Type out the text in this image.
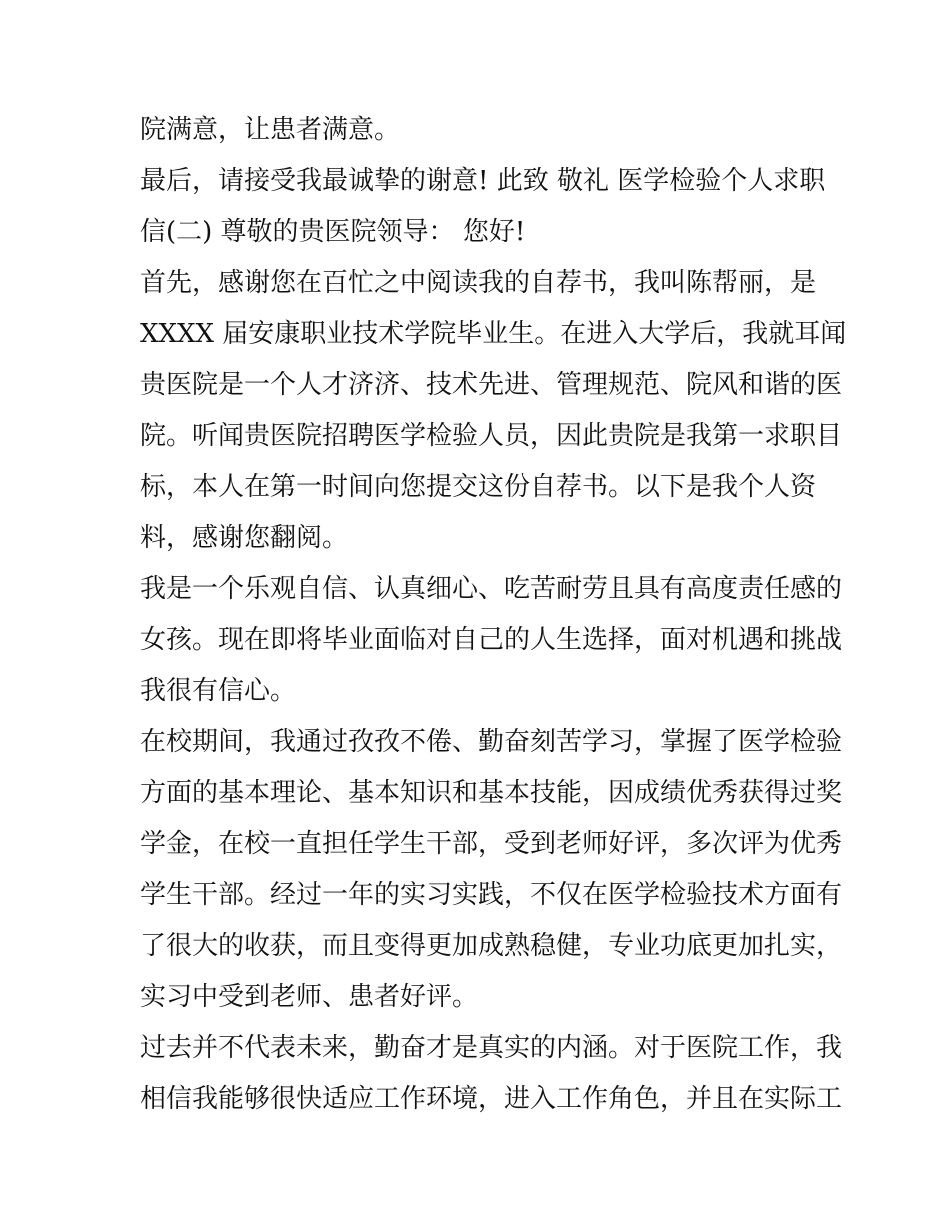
院满意，让患者满意。
最后，请接受我最诚挚的谢意! 此致 敬礼 医学检验个人求职
信(二) 尊敬的贵医院领导： 您好!
首先，感谢您在百忙之中阅读我的自荐书，我叫陈帮丽，是
XXXX 届安康职业技术学院毕业生。在进入大学后，我就耳闻
贵医院是一个人才济济、技术先进、管理规范、院风和谐的医
院。听闻贵医院招聘医学检验人员，因此贵院是我第一求职目
标，本人在第一时间向您提交这份自荐书。以下是我个人资
料，感谢您翻阅。
我是一个乐观自信、认真细心、吃苦耐劳且具有高度责任感的
女孩。现在即将毕业面临对自己的人生选择，面对机遇和挑战
我很有信心。
在校期间，我通过孜孜不倦、勤奋刻苦学习，掌握了医学检验
方面的基本理论、基本知识和基本技能，因成绩优秀获得过奖
学金，在校一直担任学生干部，受到老师好评，多次评为优秀
学生干部。经过一年的实习实践，不仅在医学检验技术方面有
了很大的收获，而且变得更加成熟稳健，专业功底更加扎实，
实习中受到老师、患者好评。
过去并不代表未来，勤奋才是真实的内涵。对于医院工作，我
相信我能够很快适应工作环境，进入工作角色，并且在实际工
